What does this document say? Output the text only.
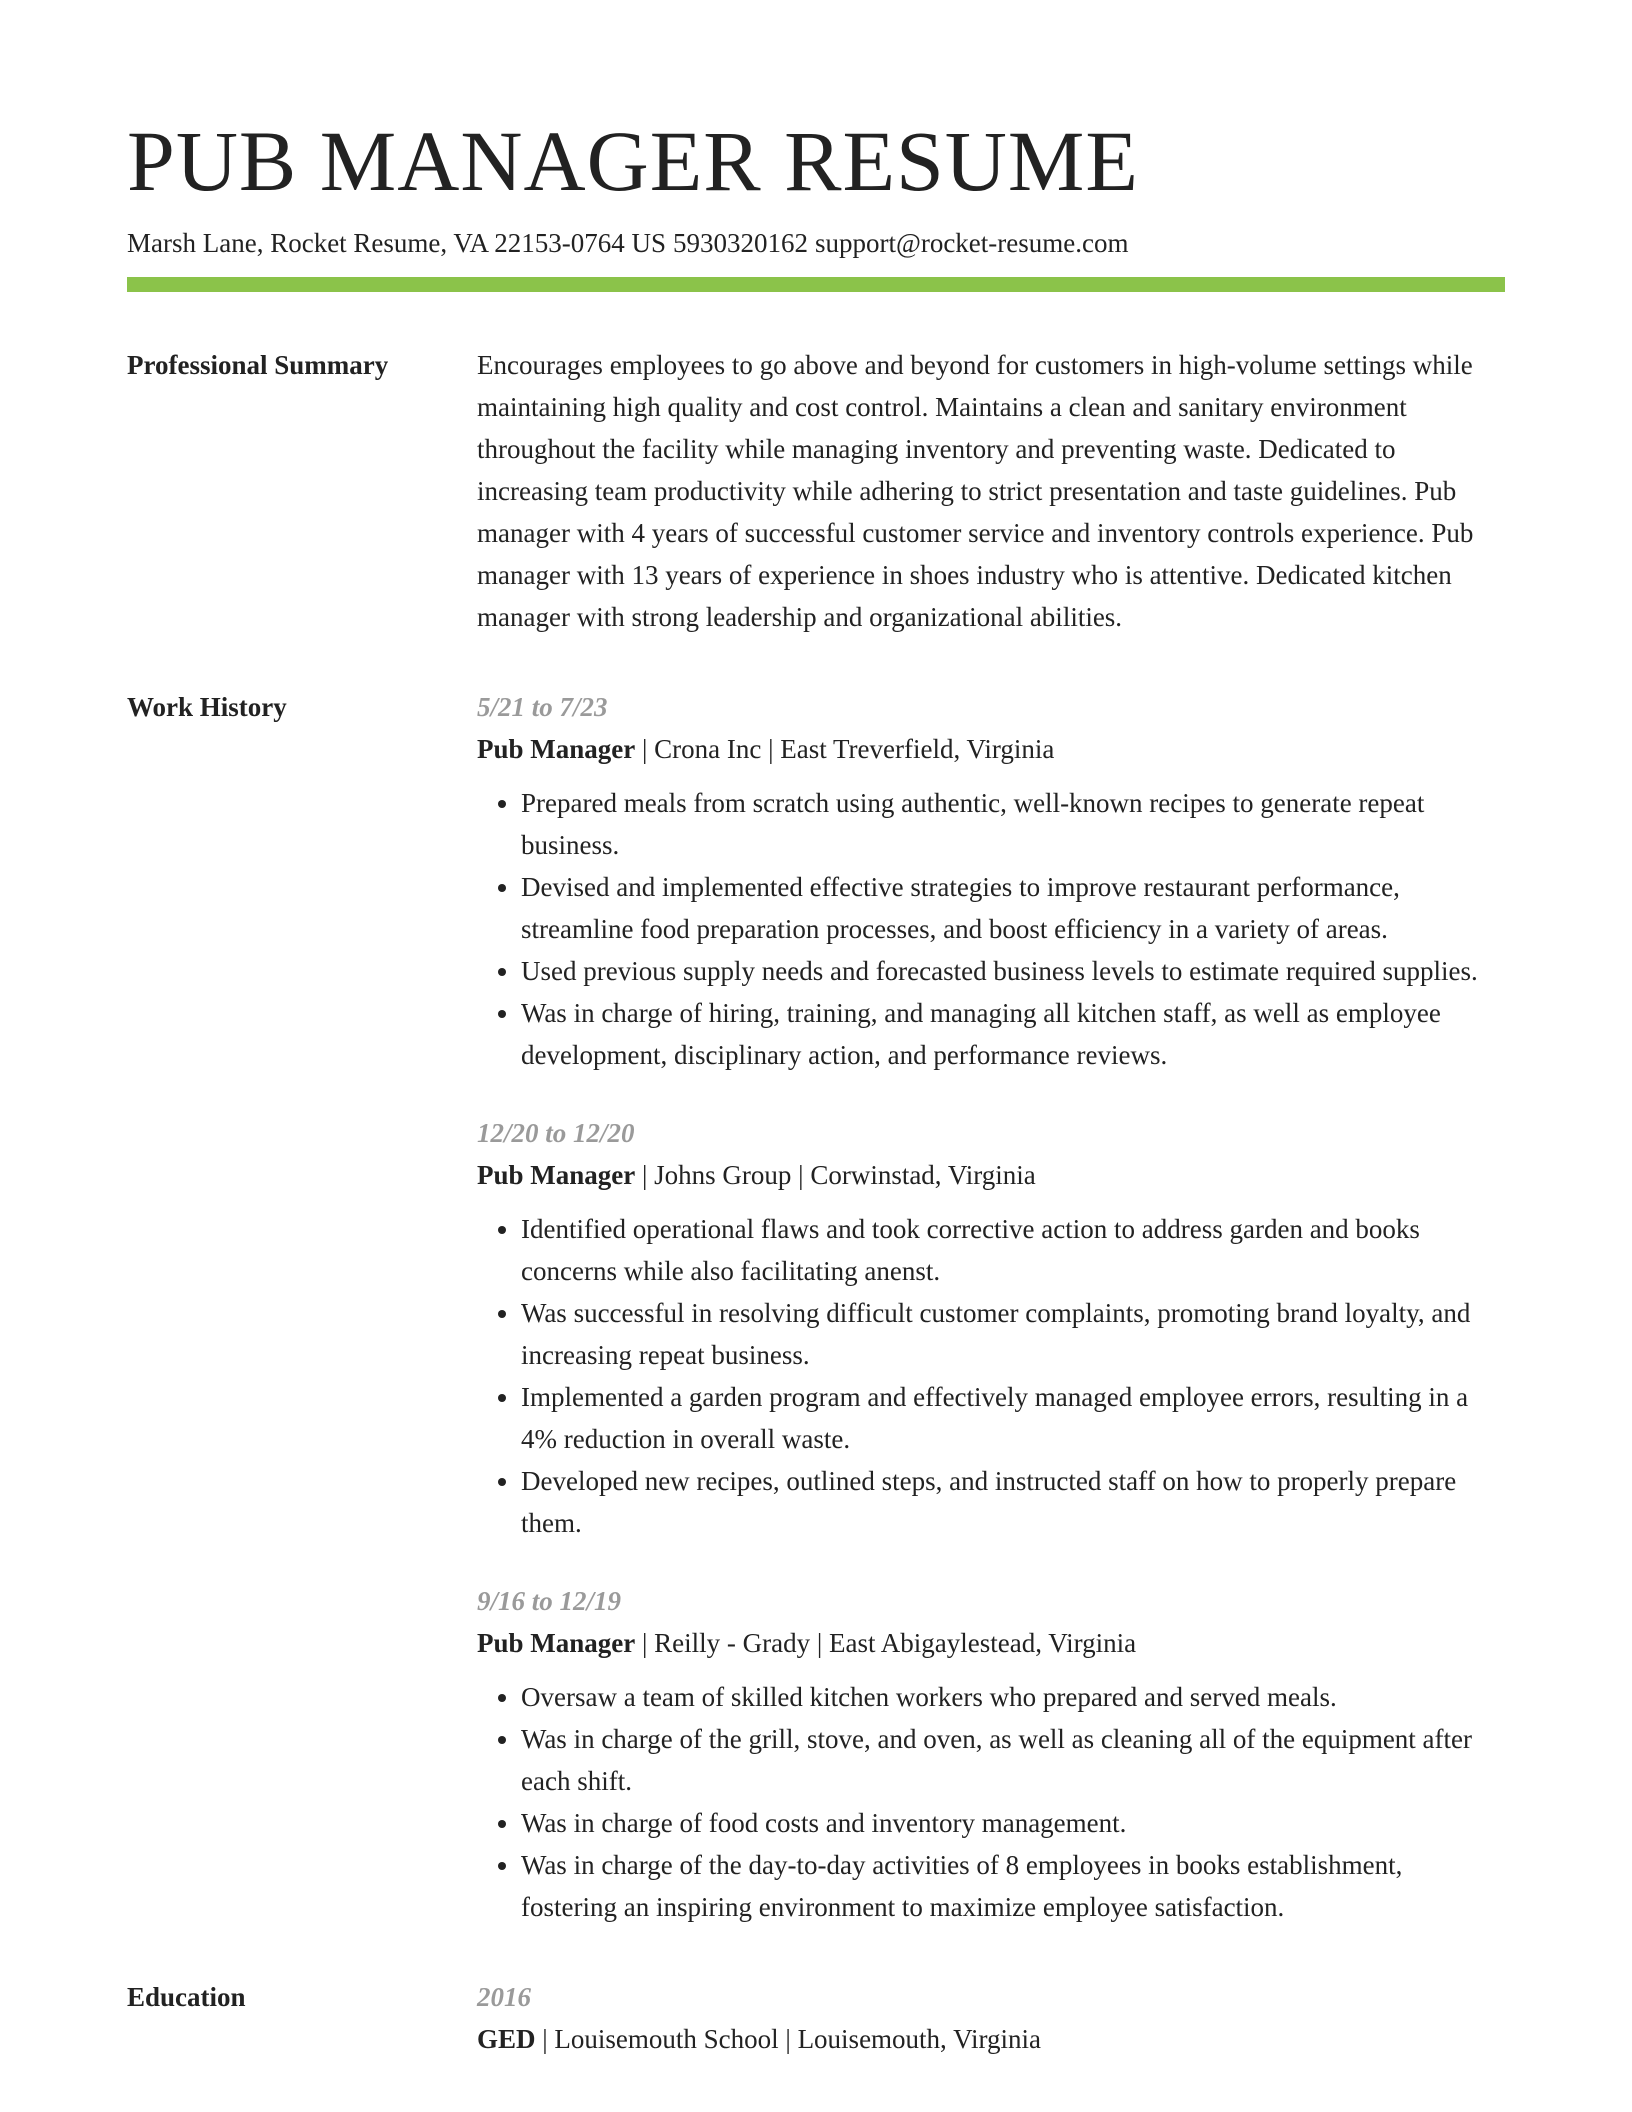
PUB MANAGER RESUME
Marsh Lane, Rocket Resume, VA 22153-0764 US 5930320162 support@rocket-resume.com
Professional Summary	Encourages employees to go above and beyond for customers in high-volume settings while maintaining high quality and cost control. Maintains a clean and sanitary environment throughout the facility while managing inventory and preventing waste. Dedicated to increasing team productivity while adhering to strict presentation and taste guidelines. Pub manager with 4 years of successful customer service and inventory controls experience. Pub manager with 13 years of experience in shoes industry who is attentive. Dedicated kitchen manager with strong leadership and organizational abilities.
Work History	5/21 to 7/23
Pub Manager | Crona Inc | East Treverfield, Virginia
• Prepared meals from scratch using authentic, well-known recipes to generate repeat business.
• Devised and implemented effective strategies to improve restaurant performance, streamline food preparation processes, and boost efficiency in a variety of areas.
• Used previous supply needs and forecasted business levels to estimate required supplies.
• Was in charge of hiring, training, and managing all kitchen staff, as well as employee development, disciplinary action, and performance reviews.
12/20 to 12/20
Pub Manager | Johns Group | Corwinstad, Virginia
• Identified operational flaws and took corrective action to address garden and books concerns while also facilitating anenst.
• Was successful in resolving difficult customer complaints, promoting brand loyalty, and increasing repeat business.
• Implemented a garden program and effectively managed employee errors, resulting in a 4% reduction in overall waste.
• Developed new recipes, outlined steps, and instructed staff on how to properly prepare them.
9/16 to 12/19
Pub Manager | Reilly - Grady | East Abigaylestead, Virginia
• Oversaw a team of skilled kitchen workers who prepared and served meals.
• Was in charge of the grill, stove, and oven, as well as cleaning all of the equipment after each shift.
• Was in charge of food costs and inventory management.
• Was in charge of the day-to-day activities of 8 employees in books establishment, fostering an inspiring environment to maximize employee satisfaction.
Education	2016
GED | Louisemouth School | Louisemouth, Virginia
